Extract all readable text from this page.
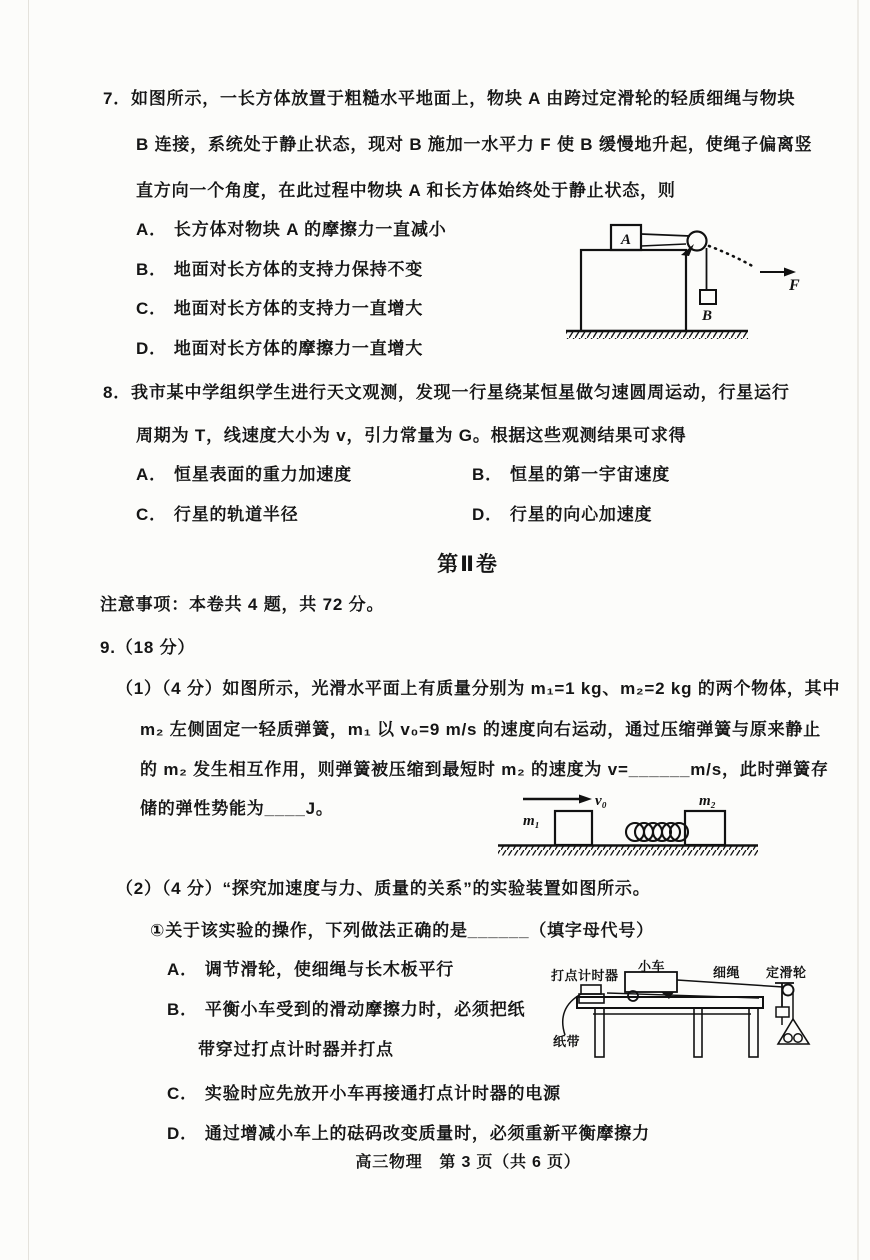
7．如图所示，一长方体放置于粗糙水平地面上，物块 A 由跨过定滑轮的轻质细绳与物块
B 连接，系统处于静止状态，现对 B 施加一水平力 F 使 B 缓慢地升起，使绳子偏离竖
直方向一个角度，在此过程中物块 A 和长方体始终处于静止状态，则
A． 长方体对物块 A 的摩擦力一直减小
B． 地面对长方体的支持力保持不变
C． 地面对长方体的支持力一直增大
D． 地面对长方体的摩擦力一直增大
A
B
F
8．我市某中学组织学生进行天文观测，发现一行星绕某恒星做匀速圆周运动，行星运行
周期为 T，线速度大小为 v，引力常量为 G。根据这些观测结果可求得
A． 恒星表面的重力加速度	B． 恒星的第一宇宙速度
C． 行星的轨道半径	D． 行星的向心加速度
第Ⅱ卷
注意事项：本卷共 4 题，共 72 分。
9.（18 分）
（1）（4 分）如图所示，光滑水平面上有质量分别为 m₁=1 kg、m₂=2 kg 的两个物体，其中
m₂ 左侧固定一轻质弹簧，m₁ 以 v₀=9 m/s 的速度向右运动，通过压缩弹簧与原来静止
的 m₂ 发生相互作用，则弹簧被压缩到最短时 m₂ 的速度为 v=______m/s，此时弹簧存
储的弹性势能为____J。	v₀
m₁
m₂
（2）（4 分）“探究加速度与力、质量的关系”的实验装置如图所示。
①关于该实验的操作，下列做法正确的是______（填字母代号）
A． 调节滑轮，使细绳与长木板平行
B． 平衡小车受到的滑动摩擦力时，必须把纸
带穿过打点计时器并打点
C． 实验时应先放开小车再接通打点计时器的电源
D． 通过增减小车上的砝码改变质量时，必须重新平衡摩擦力
打点计时器
小车	细绳 定滑轮
纸带
高三物理　第 3 页（共 6 页）
